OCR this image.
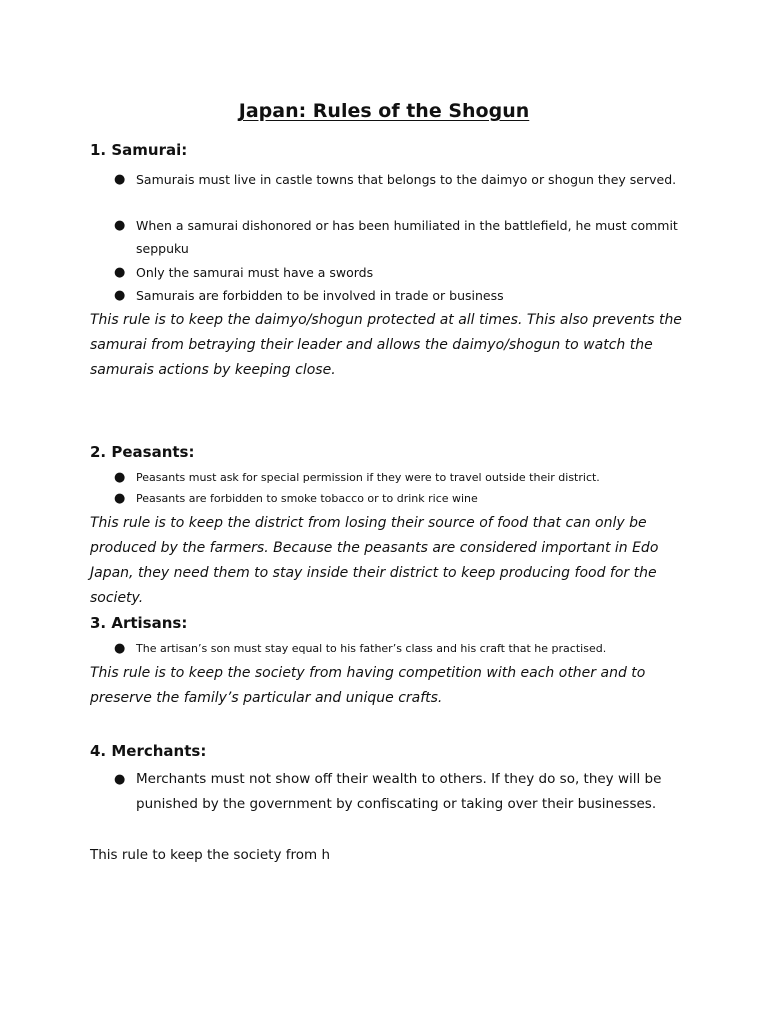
Japan: Rules of the Shogun
1. Samurai:
● Samurais must live in castle towns that belongs to the daimyo or shogun they served.
● When a samurai dishonored or has been humiliated in the battlefield, he must commit seppuku
● Only the samurai must have a swords
● Samurais are forbidden to be involved in trade or business
This rule is to keep the daimyo/shogun protected at all times. This also prevents the samurai from betraying their leader and allows the daimyo/shogun to watch the samurais actions by keeping close.
2. Peasants:
● Peasants must ask for special permission if they were to travel outside their district.
● Peasants are forbidden to smoke tobacco or to drink rice wine
This rule is to keep the district from losing their source of food that can only be produced by the farmers. Because the peasants are considered important in Edo Japan, they need them to stay inside their district to keep producing food for the society.
3. Artisans:
● The artisan’s son must stay equal to his father’s class and his craft that he practised.
This rule is to keep the society from having competition with each other and to preserve the family’s particular and unique crafts.
4. Merchants:
● Merchants must not show off their wealth to others. If they do so, they will be punished by the government by confiscating or taking over their businesses.
This rule to keep the society from h
